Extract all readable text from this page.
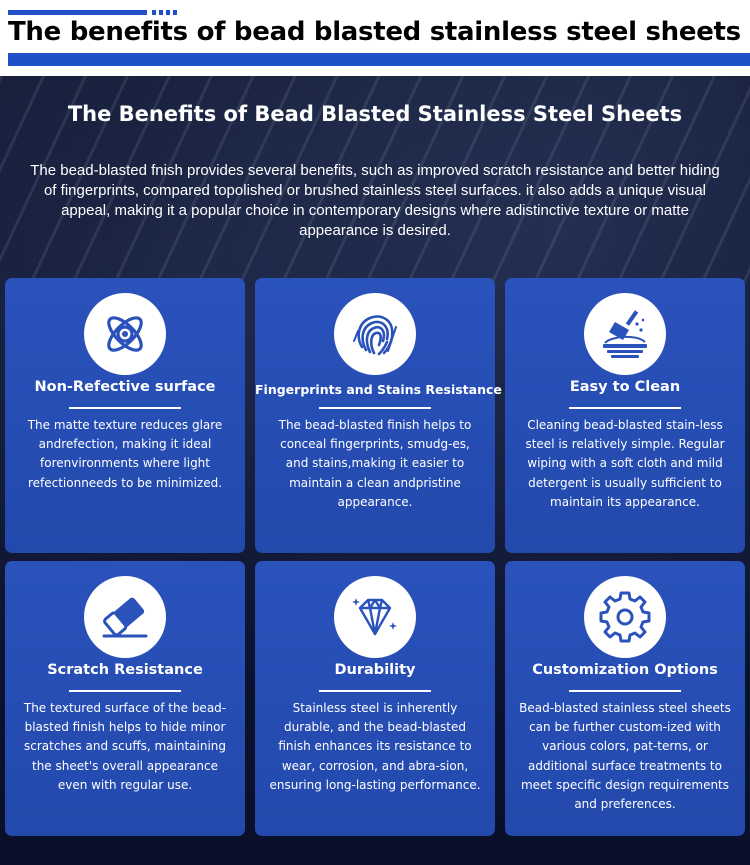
The benefits of bead blasted stainless steel sheets
The Benefits of Bead Blasted Stainless Steel Sheets
The bead-blasted fnish provides several benefits, such as improved scratch resistance and better hiding of fingerprints, compared topolished or brushed stainless steel surfaces. it also adds a unique visual appeal, making it a popular choice in contemporary designs where adistinctive texture or matte appearance is desired.
Non-Refective surface
The matte texture reduces glare andrefection, making it ideal forenvironments where light refectionneeds to be minimized.
Fingerprints and Stains Resistance
The bead-blasted finish helps to conceal fingerprints, smudg-es, and stains,making it easier to maintain a clean andpristine appearance.
Easy to Clean
Cleaning bead-blasted stain-less steel is relatively simple. Regular wiping with a soft cloth and mild detergent is usually sufficient to maintain its appearance.
Scratch Resistance
The textured surface of the bead-blasted finish helps to hide minor scratches and scuffs, maintaining the sheet's overall appearance even with regular use.
Durability
Stainless steel is inherently durable, and the bead-blasted finish enhances its resistance to wear, corrosion, and abra-sion, ensuring long-lasting performance.
Customization Options
Bead-blasted stainless steel sheets can be further custom-ized with various colors, pat-terns, or additional surface treatments to meet specific design requirements and preferences.
